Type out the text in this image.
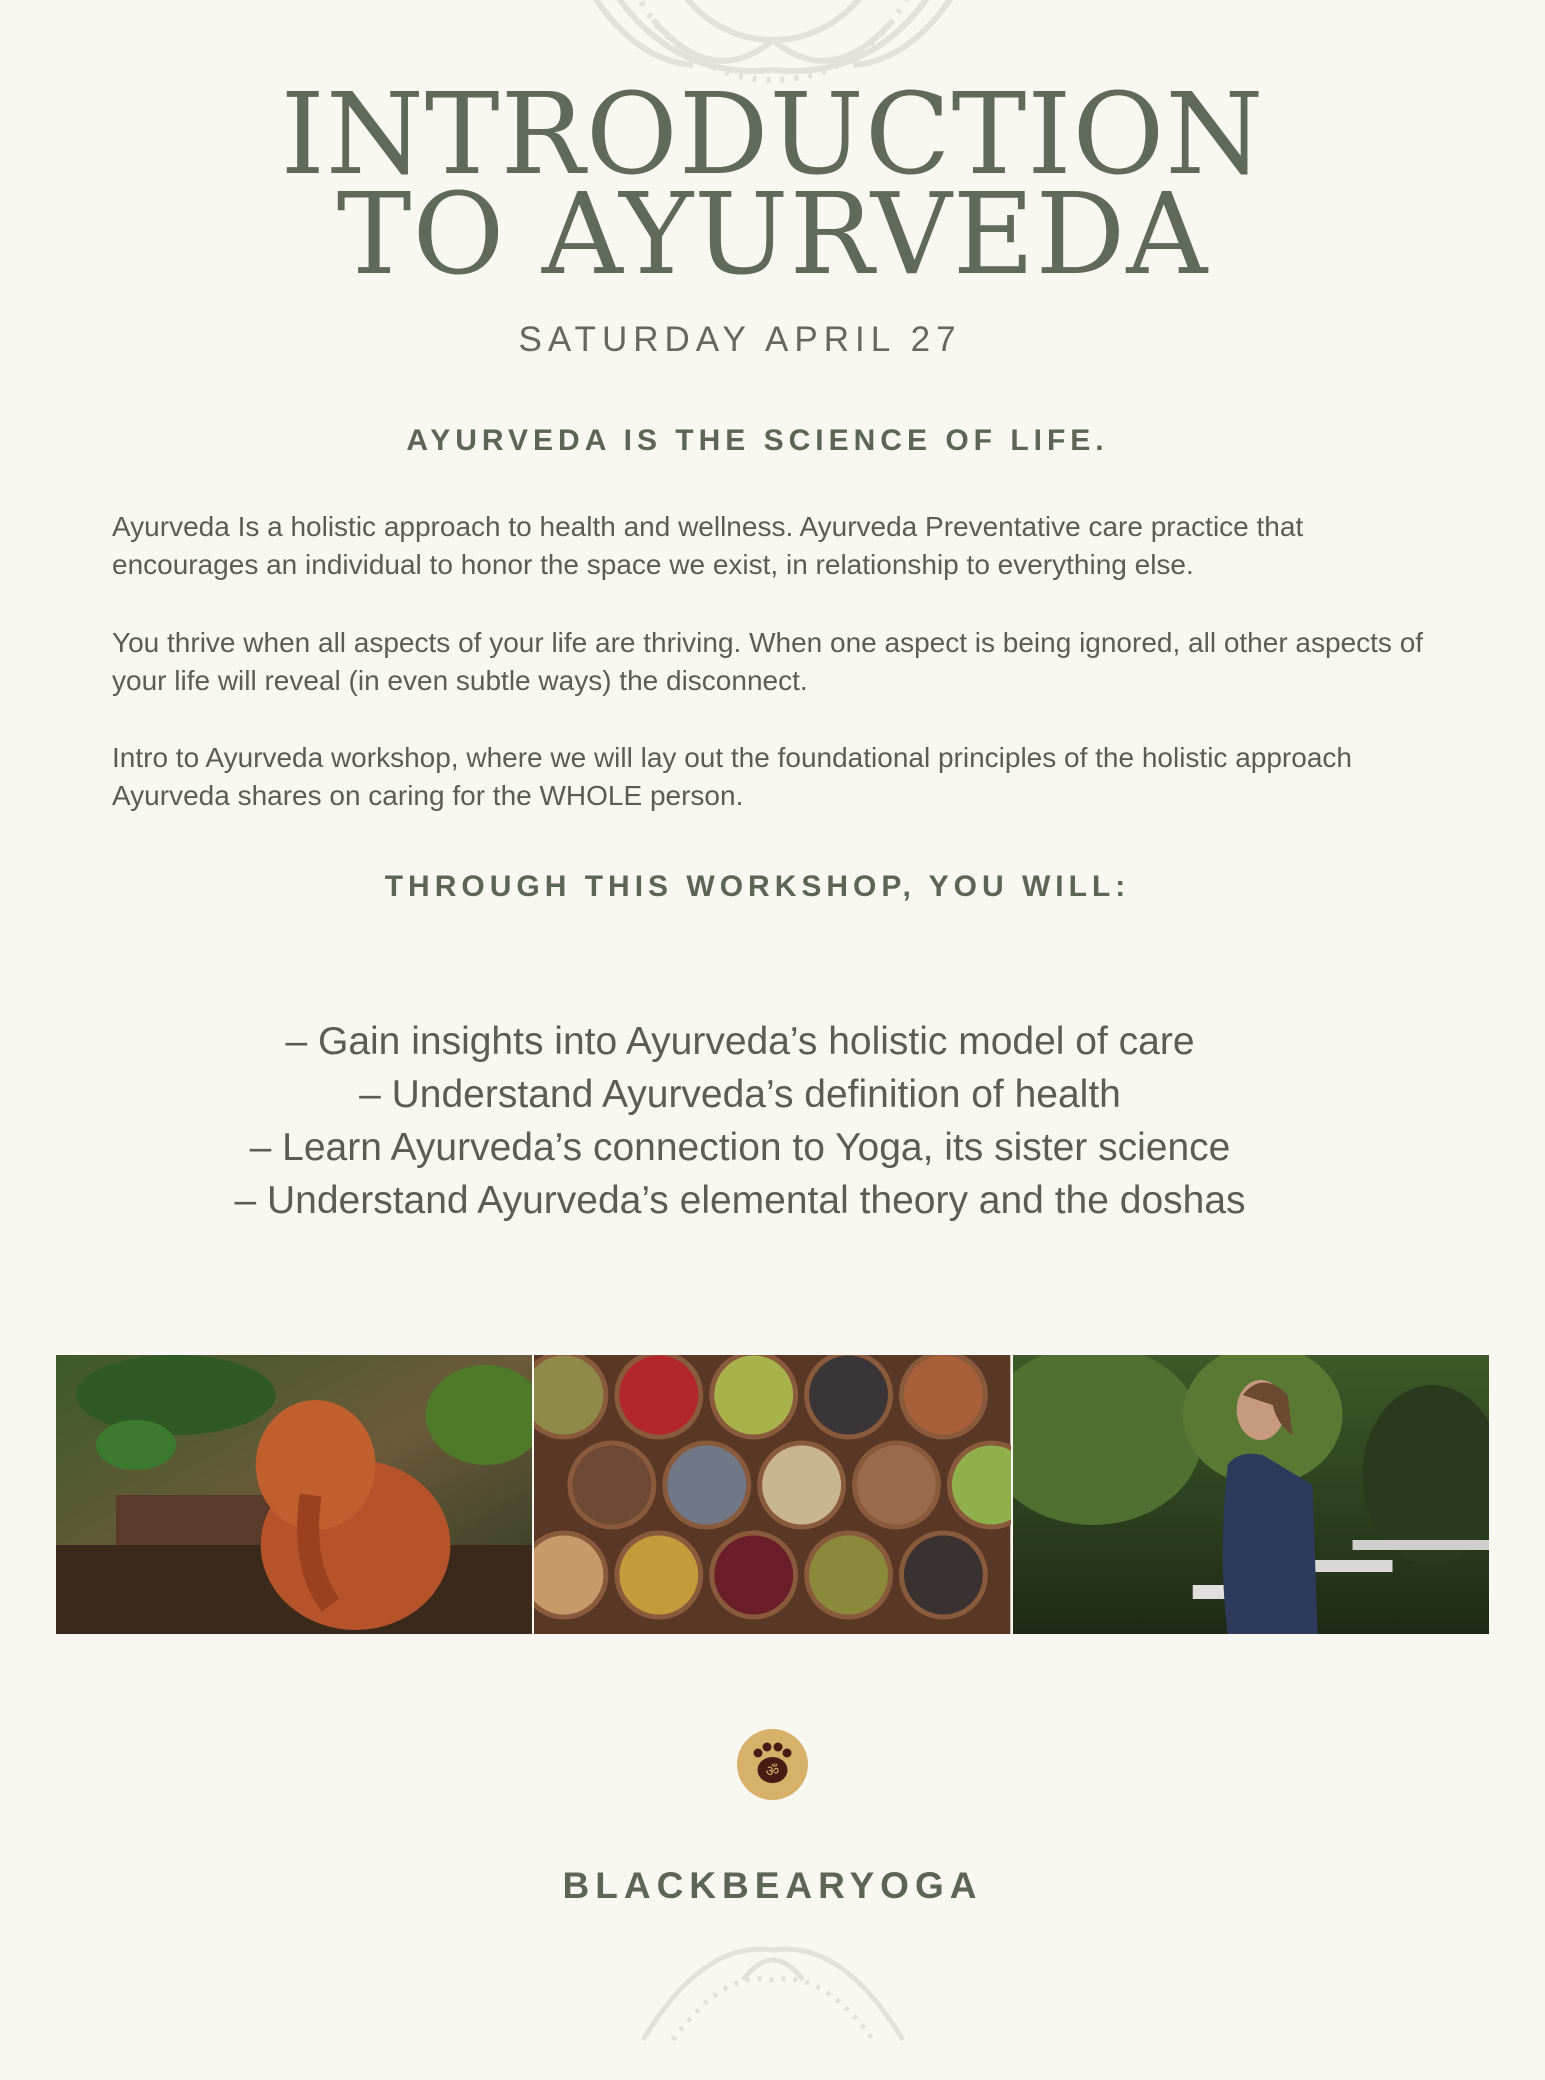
INTRODUCTION
TO AYURVEDA
SATURDAY APRIL 27
AYURVEDA IS THE SCIENCE OF LIFE.

Ayurveda Is a holistic approach to health and wellness. Ayurveda Preventative care practice that encourages an individual to honor the space we exist, in relationship to everything else.

You thrive when all aspects of your life are thriving. When one aspect is being ignored, all other aspects of your life will reveal (in even subtle ways) the disconnect.

Intro to Ayurveda workshop, where we will lay out the foundational principles of the holistic approach Ayurveda shares on caring for the WHOLE person.

THROUGH THIS WORKSHOP, YOU WILL:
– Gain insights into Ayurveda’s holistic model of care
– Understand Ayurveda’s definition of health
– Learn Ayurveda’s connection to Yoga, its sister science
– Understand Ayurveda’s elemental theory and the doshas
ॐ
BLACKBEARYOGA
